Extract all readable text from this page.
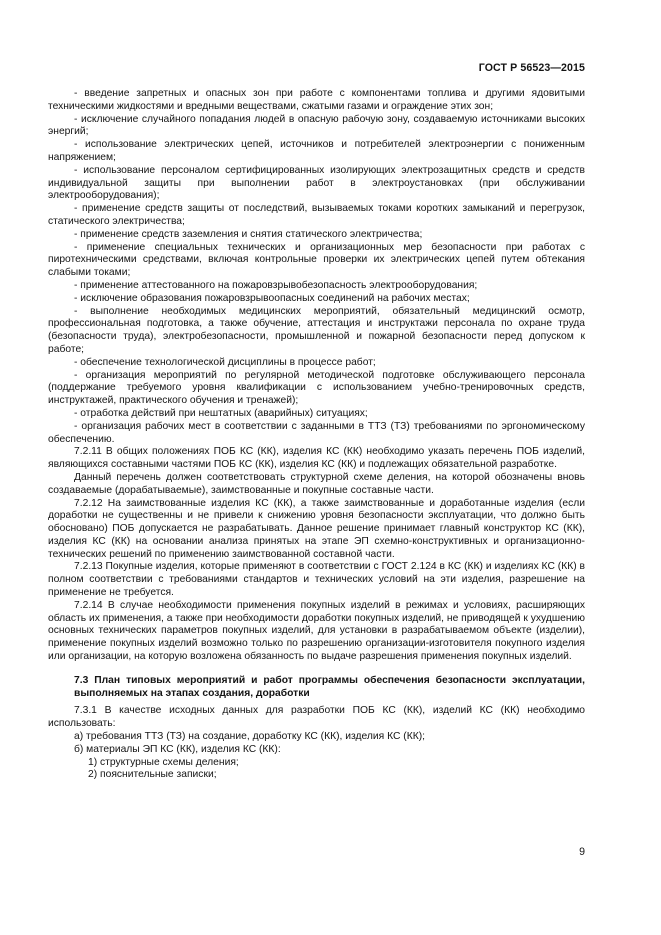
ГОСТ Р 56523—2015

- введение запретных и опасных зон при работе с компонентами топлива и другими ядовитыми техническими жидкостями и вредными веществами, сжатыми газами и ограждение этих зон;

- исключение случайного попадания людей в опасную рабочую зону, создаваемую источниками высоких энергий;

- использование электрических цепей, источников и потребителей электроэнергии с пониженным напряжением;

- использование персоналом сертифицированных изолирующих электрозащитных средств и средств индивидуальной защиты при выполнении работ в электроустановках (при обслуживании электрооборудования);

- применение средств защиты от последствий, вызываемых токами коротких замыканий и перегрузок, статического электричества;

- применение средств заземления и снятия статического электричества;

- применение специальных технических и организационных мер безопасности при работах с пиротехническими средствами, включая контрольные проверки их электрических цепей путем обтекания слабыми токами;

- применение аттестованного на пожаровзрывобезопасность электрооборудования;

- исключение образования пожаровзрывоопасных соединений на рабочих местах;

- выполнение необходимых медицинских мероприятий, обязательный медицинский осмотр, профессиональная подготовка, а также обучение, аттестация и инструктажи персонала по охране труда (безопасности труда), электробезопасности, промышленной и пожарной безопасности перед допуском к работе;

- обеспечение технологической дисциплины в процессе работ;

- организация мероприятий по регулярной методической подготовке обслуживающего персонала (поддержание требуемого уровня квалификации с использованием учебно-тренировочных средств, инструктажей, практического обучения и тренажей);

- отработка действий при нештатных (аварийных) ситуациях;

- организация рабочих мест в соответствии с заданными в ТТЗ (ТЗ) требованиями по эргономическому обеспечению.

7.2.11 В общих положениях ПОБ КС (КК), изделия КС (КК) необходимо указать перечень ПОБ изделий, являющихся составными частями ПОБ КС (КК), изделия КС (КК) и подлежащих обязательной разработке.

Данный перечень должен соответствовать структурной схеме деления, на которой обозначены вновь создаваемые (дорабатываемые), заимствованные и покупные составные части.

7.2.12 На заимствованные изделия КС (КК), а также заимствованные и доработанные изделия (если доработки не существенны и не привели к снижению уровня безопасности эксплуатации, что должно быть обосновано) ПОБ допускается не разрабатывать. Данное решение принимает главный конструктор КС (КК), изделия КС (КК) на основании анализа принятых на этапе ЭП схемно-конструктивных и организационно-технических решений по применению заимствованной составной части.

7.2.13 Покупные изделия, которые применяют в соответствии с ГОСТ 2.124 в КС (КК) и изделиях КС (КК) в полном соответствии с требованиями стандартов и технических условий на эти изделия, разрешение на применение не требуется.

7.2.14 В случае необходимости применения покупных изделий в режимах и условиях, расширяющих область их применения, а также при необходимости доработки покупных изделий, не приводящей к ухудшению основных технических параметров покупных изделий, для установки в разрабатываемом объекте (изделии), применение покупных изделий возможно только по разрешению организации-изготовителя покупного изделия или организации, на которую возложена обязанность по выдаче разрешения применения покупных изделий.

7.3 План типовых мероприятий и работ программы обеспечения безопасности эксплуатации, выполняемых на этапах создания, доработки

7.3.1 В качестве исходных данных для разработки ПОБ КС (КК), изделий КС (КК) необходимо использовать:

а) требования ТТЗ (ТЗ) на создание, доработку КС (КК), изделия КС (КК);

б) материалы ЭП КС (КК), изделия КС (КК):

1) структурные схемы деления;

2) пояснительные записки;

9
